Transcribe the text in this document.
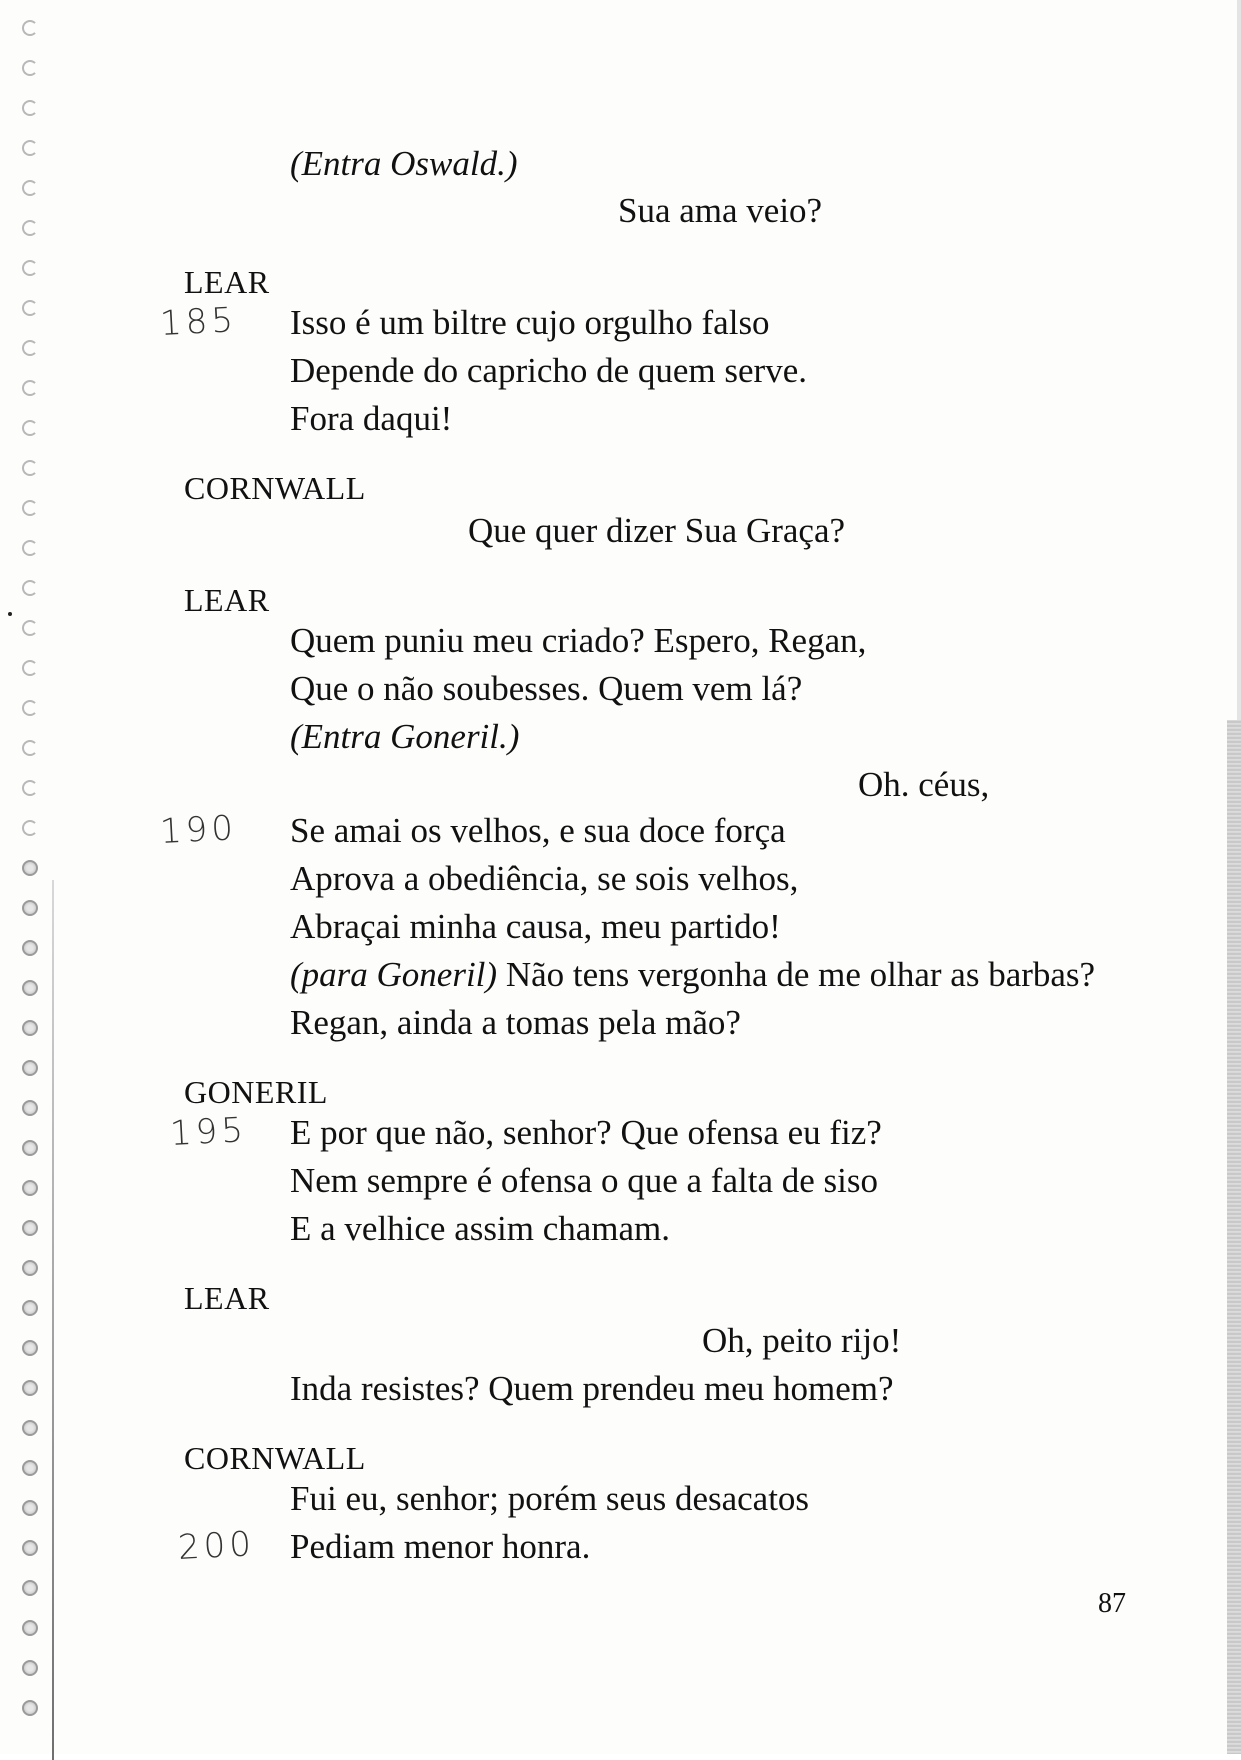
(Entra Oswald.)
Sua ama veio?
LEAR
185 Isso é um biltre cujo orgulho falso
Depende do capricho de quem serve.
Fora daqui!
CORNWALL
Que quer dizer Sua Graça?
LEAR
Quem puniu meu criado? Espero, Regan,
Que o não soubesses. Quem vem lá?
(Entra Goneril.)
Oh. céus,
190 Se amai os velhos, e sua doce força
Aprova a obediência, se sois velhos,
Abraçai minha causa, meu partido!
(para Goneril) Não tens vergonha de me olhar as barbas?
Regan, ainda a tomas pela mão?
GONERIL
195 E por que não, senhor? Que ofensa eu fiz?
Nem sempre é ofensa o que a falta de siso
E a velhice assim chamam.
LEAR
Oh, peito rijo!
Inda resistes? Quem prendeu meu homem?
CORNWALL
Fui eu, senhor; porém seus desacatos
200 Pediam menor honra.
87
